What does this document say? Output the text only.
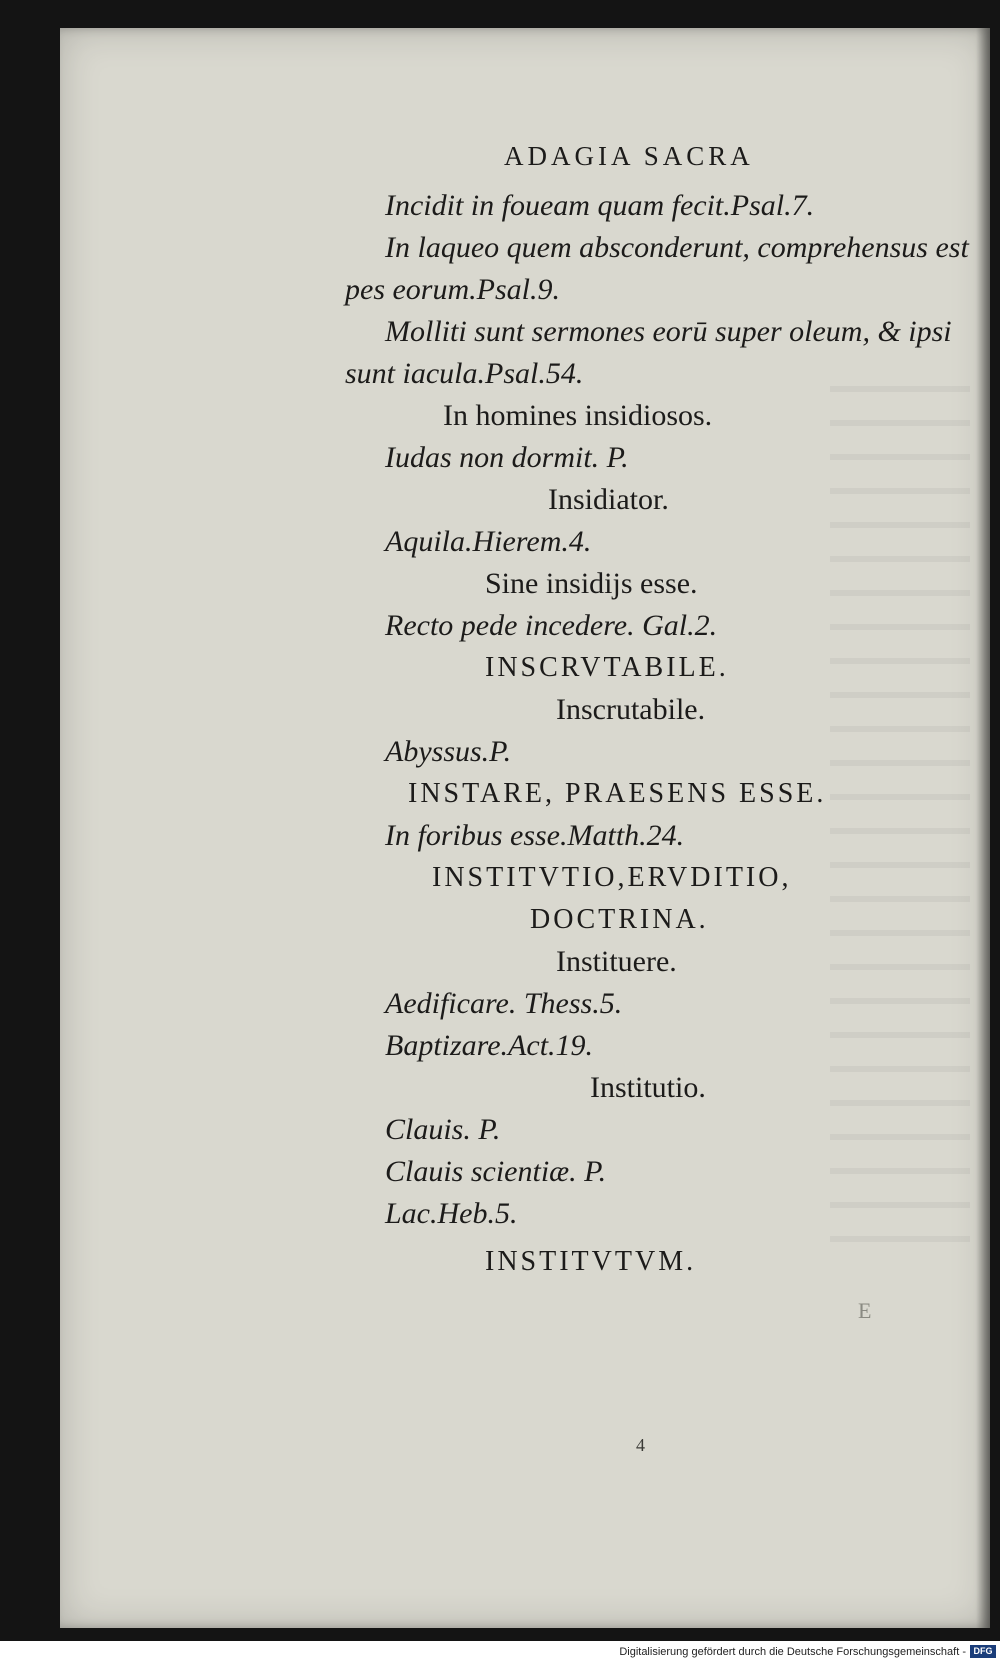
ADAGIA SACRA

Incidit in foueam quam fecit.Psal.7.

In laqueo quem absconderunt, comprehensus est

pes eorum.Psal.9.

Molliti sunt sermones eorū super oleum, & ipsi

sunt iacula.Psal.54.

In homines insidiosos.

Iudas non dormit. P.

Insidiator.

Aquila.Hierem.4.

Sine insidijs esse.

Recto pede incedere. Gal.2.

INSCRVTABILE.

Inscrutabile.

Abyssus.P.

INSTARE, PRAESENS ESSE.

In foribus esse.Matth.24.

INSTITVTIO,ERVDITIO,

DOCTRINA.

Instituere.

Aedificare. Thess.5.

Baptizare.Act.19.

Institutio.

Clauis. P.

Clauis scientiæ. P.

Lac.Heb.5.

INSTITVTVM.

E
4
Digitalisierung gefördert durch die Deutsche Forschungsgemeinschaft - DFG
